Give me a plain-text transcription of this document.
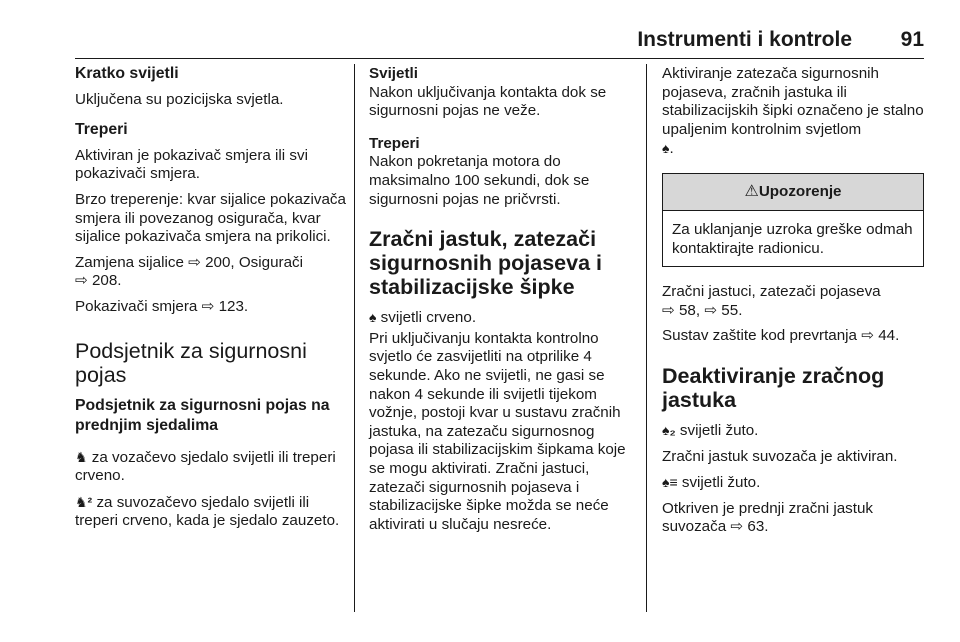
Instrumenti i kontrole 91
Kratko svijetli

Uključena su pozicijska svjetla.

Treperi

Aktiviran je pokazivač smjera ili svi pokazivači smjera.

Brzo treperenje: kvar sijalice pokazivača smjera ili povezanog osigurača, kvar sijalice pokazivača smjera na prikolici.

Zamjena sijalice ⇨ 200, Osigurači
⇨ 208.

Pokazivači smjera ⇨ 123.

Podsjetnik za sigurnosni pojas
Podsjetnik za sigurnosni pojas na prednjim sjedalima

♞ za vozačevo sjedalo svijetli ili treperi crveno.

♞² za suvozačevo sjedalo svijetli ili treperi crveno, kada je sjedalo zauzeto.

Svijetli

Nakon uključivanja kontakta dok se sigurnosni pojas ne veže.

Treperi

Nakon pokretanja motora do maksimalno 100 sekundi, dok se sigurnosni pojas ne pričvrsti.

Zračni jastuk, zatezači sigurnosnih pojaseva i stabilizacijske šipke

♠ svijetli crveno.

Pri uključivanju kontakta kontrolno svjetlo će zasvijetliti na otprilike 4 sekunde. Ako ne svijetli, ne gasi se nakon 4 sekunde ili svijetli tijekom vožnje, postoji kvar u sustavu zračnih jastuka, na zatezaču sigurnosnog pojasa ili stabilizacijskim šipkama koje se mogu aktivirati. Zračni jastuci, zatezači sigurnosnih pojaseva i stabilizacijske šipke možda se neće aktivirati u slučaju nesreće.

Aktiviranje zatezača sigurnosnih pojaseva, zračnih jastuka ili stabilizacijskih šipki označeno je stalno upaljenim kontrolnim svjetlom
♠.

⚠Upozorenje
Za uklanjanje uzroka greške odmah kontaktirajte radionicu.

Zračni jastuci, zatezači pojaseva
⇨ 58, ⇨ 55.

Sustav zaštite kod prevrtanja ⇨ 44.

Deaktiviranje zračnog jastuka

♠₂ svijetli žuto.

Zračni jastuk suvozača je aktiviran.

♠≡ svijetli žuto.

Otkriven je prednji zračni jastuk suvozača ⇨ 63.
